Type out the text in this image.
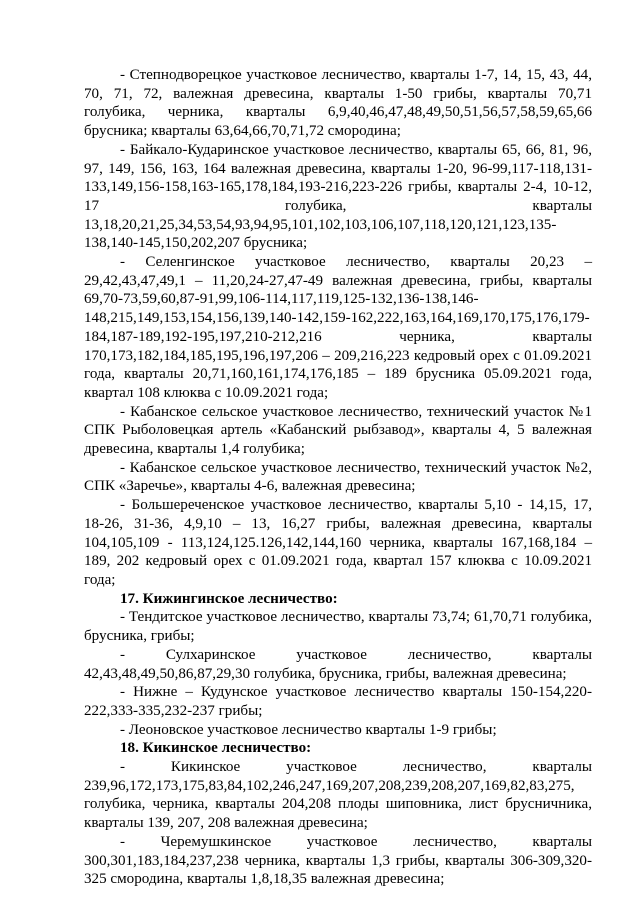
- Степнодворецкое участковое лесничество, кварталы 1-7, 14, 15, 43, 44, 70, 71, 72, валежная древесина, кварталы 1-50 грибы, кварталы 70,71 голубика, черника, кварталы 6,9,40,46,47,48,49,50,51,56,57,58,59,65,66 брусника; кварталы 63,64,66,70,71,72 смородина;

- Байкало-Кударинское участковое лесничество, кварталы 65, 66, 81, 96, 97, 149, 156, 163, 164 валежная древесина, кварталы 1-20, 96-99,117-118,131-133,149,156-158,163-165,178,184,193-216,223-226 грибы, кварталы 2-4, 10-12, 17 голубика, кварталы 13,18,20,21,25,34,53,54,93,94,95,101,102,103,106,107,118,120,121,123,135-138,140-145,150,202,207 брусника;

- Селенгинское участковое лесничество, кварталы 20,23 – 29,42,43,47,49,1 – 11,20,24-27,47-49 валежная древесина, грибы, кварталы 69,70-73,59,60,87-91,99,106-114,117,119,125-132,136-138,146-148,215,149,153,154,156,139,140-142,159-162,222,163,164,169,170,175,176,179-184,187-189,192-195,197,210-212,216 черника, кварталы 170,173,182,184,185,195,196,197,206 – 209,216,223 кедровый орех с 01.09.2021 года, кварталы 20,71,160,161,174,176,185 – 189 брусника 05.09.2021 года, квартал 108 клюква с 10.09.2021 года;

- Кабанское сельское участковое лесничество, технический участок №1 СПК Рыболовецкая артель «Кабанский рыбзавод», кварталы 4, 5 валежная древесина, кварталы 1,4 голубика;

- Кабанское сельское участковое лесничество, технический участок №2, СПК «Заречье», кварталы 4-6, валежная древесина;

- Большереченское участковое лесничество, кварталы 5,10 - 14,15, 17, 18-26, 31-36, 4,9,10 – 13, 16,27 грибы, валежная древесина, кварталы 104,105,109 - 113,124,125.126,142,144,160 черника, кварталы 167,168,184 – 189, 202 кедровый орех с 01.09.2021 года, квартал 157 клюква с 10.09.2021 года;

17. Кижингинское лесничество:

- Тендитское участковое лесничество, кварталы 73,74; 61,70,71 голубика, брусника, грибы;

- Сулхаринское участковое лесничество, кварталы 42,43,48,49,50,86,87,29,30 голубика, брусника, грибы, валежная древесина;

- Нижне – Кудунское участковое лесничество кварталы 150-154,220-222,333-335,232-237 грибы;

- Леоновское участковое лесничество кварталы 1-9 грибы;

18. Кикинское лесничество:

- Кикинское участковое лесничество, кварталы 239,96,172,173,175,83,84,102,246,247,169,207,208,239,208,207,169,82,83,275, голубика, черника, кварталы 204,208 плоды шиповника, лист брусничника, кварталы 139, 207, 208 валежная древесина;

- Черемушкинское участковое лесничество, кварталы 300,301,183,184,237,238 черника, кварталы 1,3 грибы, кварталы 306-309,320-325 смородина, кварталы 1,8,18,35 валежная древесина;
